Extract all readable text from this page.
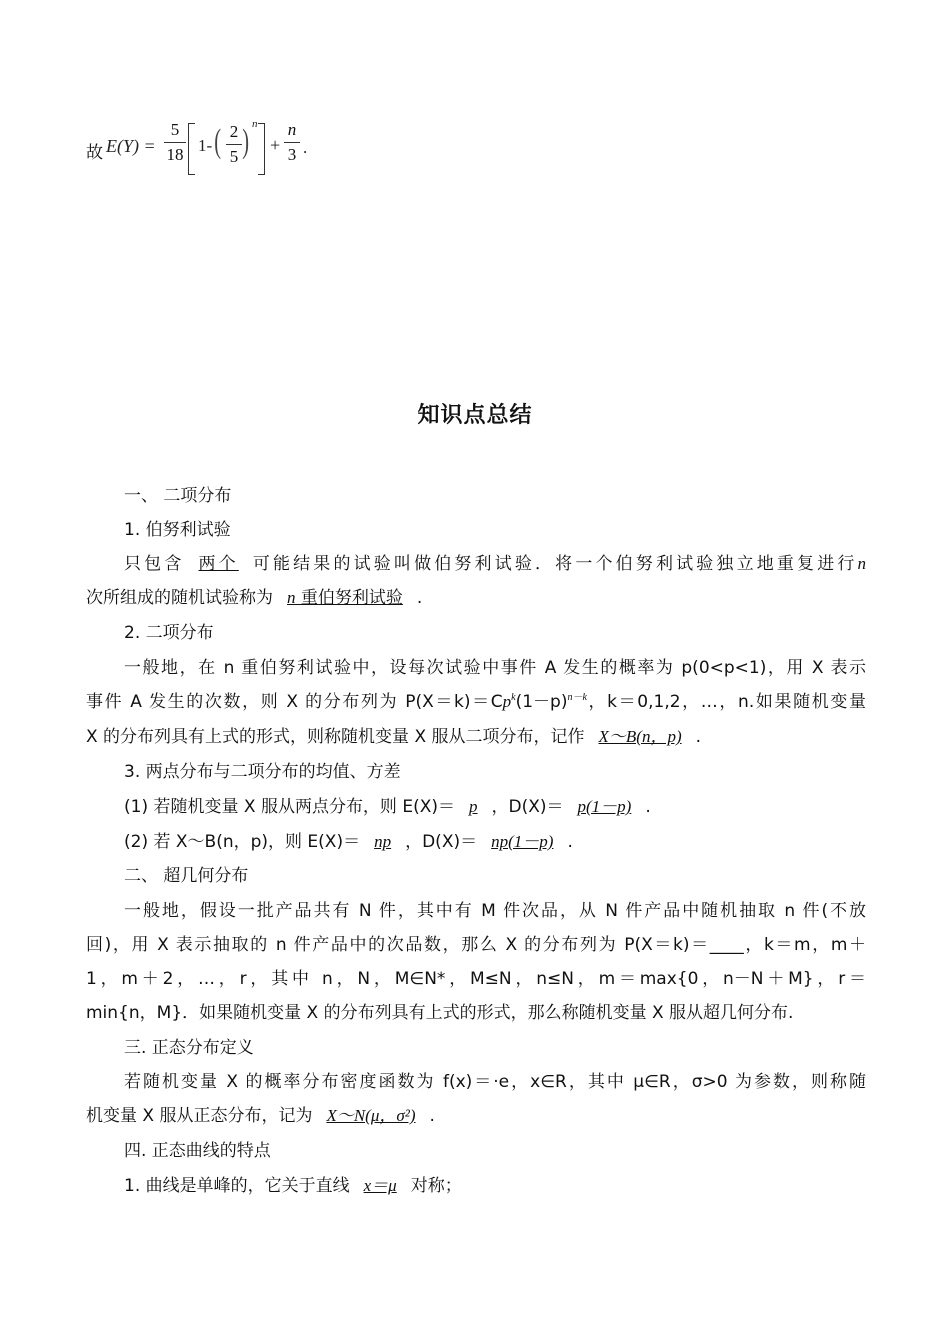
故 E(Y) =
5
18 1- ( 2
5 ) n
+
n
3 .
知识点总结
一、 二项分布
1. 伯努利试验
只包含 两个 可能结果的试验叫做伯努利试验．将一个伯努利试验独立地重复进行n
次所组成的随机试验称为 n 重伯努利试验 .
2. 二项分布
一般地，在 n 重伯努利试验中，设每次试验中事件 A 发生的概率为 p(0<p<1)，用 X 表示
事件 A 发生的次数，则 X 的分布列为 $P(X=k)=Cp^k(1-p)^{n-k}$，k＝0,1,2，…，n.如果随机变量
X 的分布列具有上式的形式，则称随机变量 X 服从二项分布，记作 X～B(n，p) .
3. 两点分布与二项分布的均值、方差
(1) 若随机变量 X 服从两点分布，则 E(X)＝ p ，D(X)＝ p(1－p) .
(2) 若 X～B(n，p)，则 E(X)＝ np ，D(X)＝ np(1－p) .
二、 超几何分布
一般地，假设一批产品共有 N 件，其中有 M 件次品，从 N 件产品中随机抽取 n 件(不放
回)，用 X 表示抽取的 n 件产品中的次品数，那么 X 的分布列为 P(X＝k)＝____，k＝m，m＋
1，m＋2，…，r，其中 n，N，M∈N*，M≤N，n≤N，m＝max{0，n－N＋M}，r＝
min{n，M}．如果随机变量 X 的分布列具有上式的形式，那么称随机变量 X 服从超几何分布.
三. 正态分布定义
若随机变量 X 的概率分布密度函数为 f(x)＝·e，x∈R，其中 μ∈R，σ>0 为参数，则称随
机变量 X 服从正态分布，记为 X～N(μ，σ²) .
四. 正态曲线的特点
1. 曲线是单峰的，它关于直线 x＝μ 对称；
